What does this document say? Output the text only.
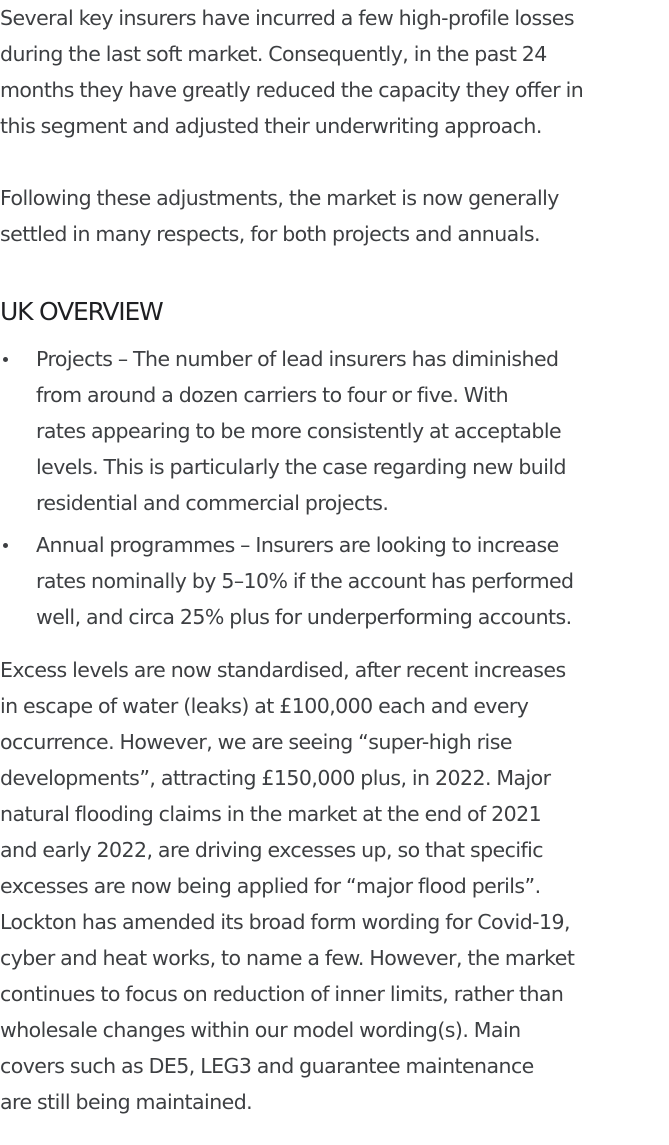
Several key insurers have incurred a few high-profile losses
during the last soft market. Consequently, in the past 24
months they have greatly reduced the capacity they offer in
this segment and adjusted their underwriting approach.

Following these adjustments, the market is now generally
settled in many respects, for both projects and annuals.

UK OVERVIEW
Projects – The number of lead insurers has diminished
from around a dozen carriers to four or five. With
rates appearing to be more consistently at acceptable
levels. This is particularly the case regarding new build
residential and commercial projects.
Annual programmes – Insurers are looking to increase
rates nominally by 5–10% if the account has performed
well, and circa 25% plus for underperforming accounts.

Excess levels are now standardised, after recent increases
in escape of water (leaks) at £100,000 each and every
occurrence. However, we are seeing “super-high rise
developments”, attracting £150,000 plus, in 2022. Major
natural flooding claims in the market at the end of 2021
and early 2022, are driving excesses up, so that specific
excesses are now being applied for “major flood perils”.
Lockton has amended its broad form wording for Covid-19,
cyber and heat works, to name a few. However, the market
continues to focus on reduction of inner limits, rather than
wholesale changes within our model wording(s). Main
covers such as DE5, LEG3 and guarantee maintenance
are still being maintained.
